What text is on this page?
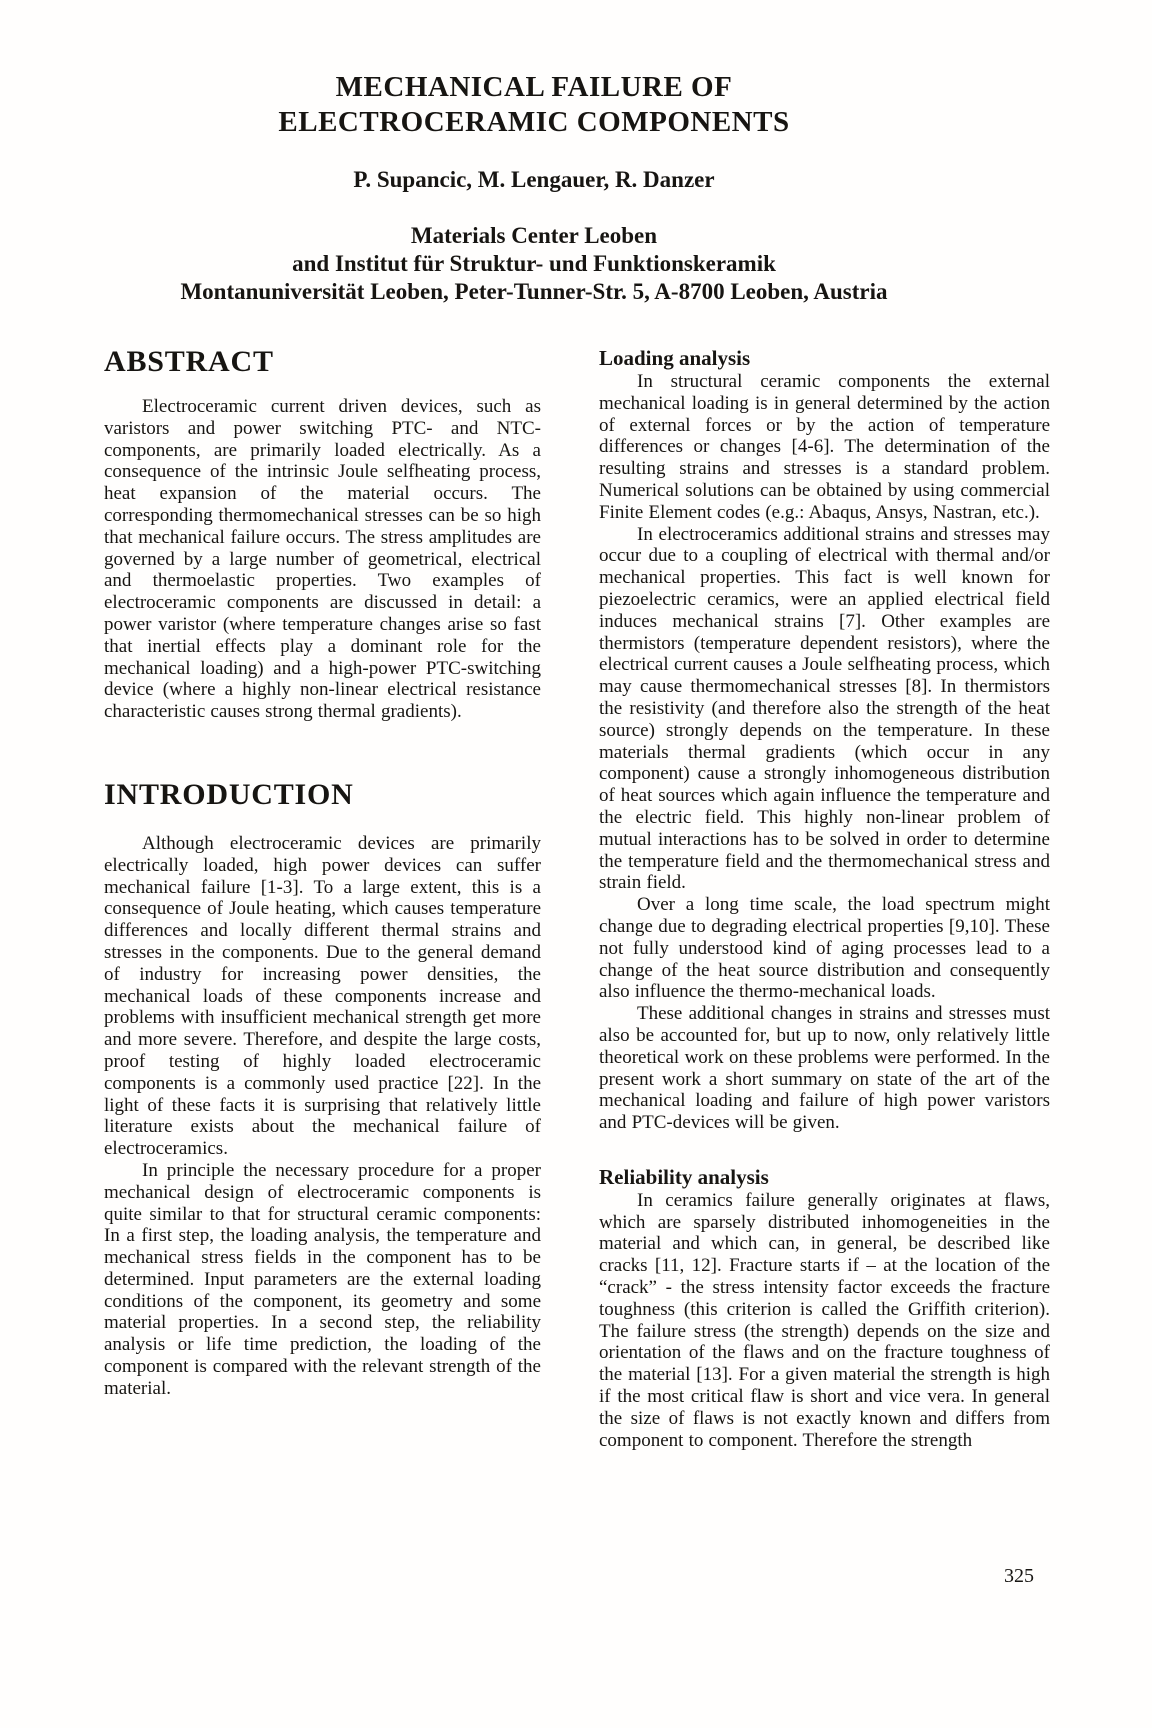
MECHANICAL FAILURE OF
ELECTROCERAMIC COMPONENTS
P. Supancic, M. Lengauer, R. Danzer
Materials Center Leoben
and Institut für Struktur- und Funktionskeramik
Montanuniversität Leoben, Peter-Tunner-Str. 5, A-8700 Leoben, Austria
ABSTRACT

Electroceramic current driven devices, such as varistors and power switching PTC- and NTC-components, are primarily loaded electrically. As a consequence of the intrinsic Joule selfheating process, heat expansion of the material occurs. The corresponding thermomechanical stresses can be so high that mechanical failure occurs. The stress amplitudes are governed by a large number of geometrical, electrical and thermoelastic properties. Two examples of electroceramic components are discussed in detail: a power varistor (where temperature changes arise so fast that inertial effects play a dominant role for the mechanical loading) and a high-power PTC-switching device (where a highly non-linear electrical resistance characteristic causes strong thermal gradients).

INTRODUCTION

Although electroceramic devices are primarily electrically loaded, high power devices can suffer mechanical failure [1-3]. To a large extent, this is a consequence of Joule heating, which causes temperature differences and locally different thermal strains and stresses in the components. Due to the general demand of industry for increasing power densities, the mechanical loads of these components increase and problems with insufficient mechanical strength get more and more severe. Therefore, and despite the large costs, proof testing of highly loaded electroceramic components is a commonly used practice [22]. In the light of these facts it is surprising that relatively little literature exists about the mechanical failure of electroceramics.

In principle the necessary procedure for a proper mechanical design of electroceramic components is quite similar to that for structural ceramic components: In a first step, the loading analysis, the temperature and mechanical stress fields in the component has to be determined. Input parameters are the external loading conditions of the component, its geometry and some material properties. In a second step, the reliability analysis or life time prediction, the loading of the component is compared with the relevant strength of the material.

Loading analysis

In structural ceramic components the external mechanical loading is in general determined by the action of external forces or by the action of temperature differences or changes [4-6]. The determination of the resulting strains and stresses is a standard problem. Numerical solutions can be obtained by using commercial Finite Element codes (e.g.: Abaqus, Ansys, Nastran, etc.).

In electroceramics additional strains and stresses may occur due to a coupling of electrical with thermal and/or mechanical properties. This fact is well known for piezoelectric ceramics, were an applied electrical field induces mechanical strains [7]. Other examples are thermistors (temperature dependent resistors), where the electrical current causes a Joule selfheating process, which may cause thermomechanical stresses [8]. In thermistors the resistivity (and therefore also the strength of the heat source) strongly depends on the temperature. In these materials thermal gradients (which occur in any component) cause a strongly inhomogeneous distribution of heat sources which again influence the temperature and the electric field. This highly non-linear problem of mutual interactions has to be solved in order to determine the temperature field and the thermomechanical stress and strain field.

Over a long time scale, the load spectrum might change due to degrading electrical properties [9,10]. These not fully understood kind of aging processes lead to a change of the heat source distribution and consequently also influence the thermo-mechanical loads.

These additional changes in strains and stresses must also be accounted for, but up to now, only relatively little theoretical work on these problems were performed. In the present work a short summary on state of the art of the mechanical loading and failure of high power varistors and PTC-devices will be given.

Reliability analysis

In ceramics failure generally originates at flaws, which are sparsely distributed inhomogeneities in the material and which can, in general, be described like cracks [11, 12]. Fracture starts if – at the location of the “crack” - the stress intensity factor exceeds the fracture toughness (this criterion is called the Griffith criterion). The failure stress (the strength) depends on the size and orientation of the flaws and on the fracture toughness of the material [13]. For a given material the strength is high if the most critical flaw is short and vice vera. In general the size of flaws is not exactly known and differs from component to component. Therefore the strength

325
